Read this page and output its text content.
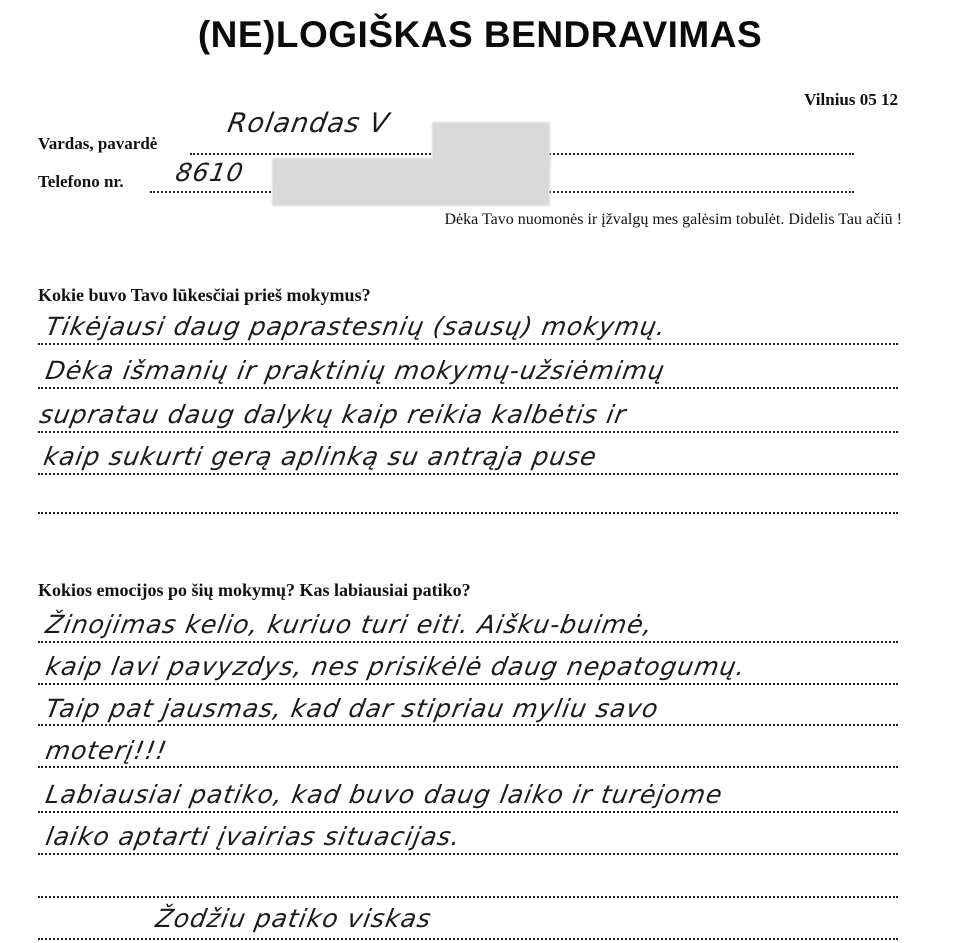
(NE)LOGIŠKAS BENDRAVIMAS
Vilnius 05 12
Vardas, pavardė
Rolandas V
Telefono nr. 8610
Dėka Tavo nuomonės ir įžvalgų mes galėsim tobulėt. Didelis Tau ačiū !
Kokie buvo Tavo lūkesčiai prieš mokymus?
Tikėjausi daug paprastesnių (sausų) mokymų.
Dėka išmanių ir praktinių mokymų-užsiėmimų
supratau daug dalykų kaip reikia kalbėtis ir
kaip sukurti gerą aplinką su antrąja puse
Kokios emocijos po šių mokymų? Kas labiausiai patiko?
Žinojimas kelio, kuriuo turi eiti. Aišku-buimė,
kaip lavi pavyzdys, nes prisikėlė daug nepatogumų.
Taip pat jausmas, kad dar stipriau myliu savo
moterį!!!
Labiausiai patiko, kad buvo daug laiko ir turėjome
laiko aptarti įvairias situacijas.
Žodžiu patiko viskas
